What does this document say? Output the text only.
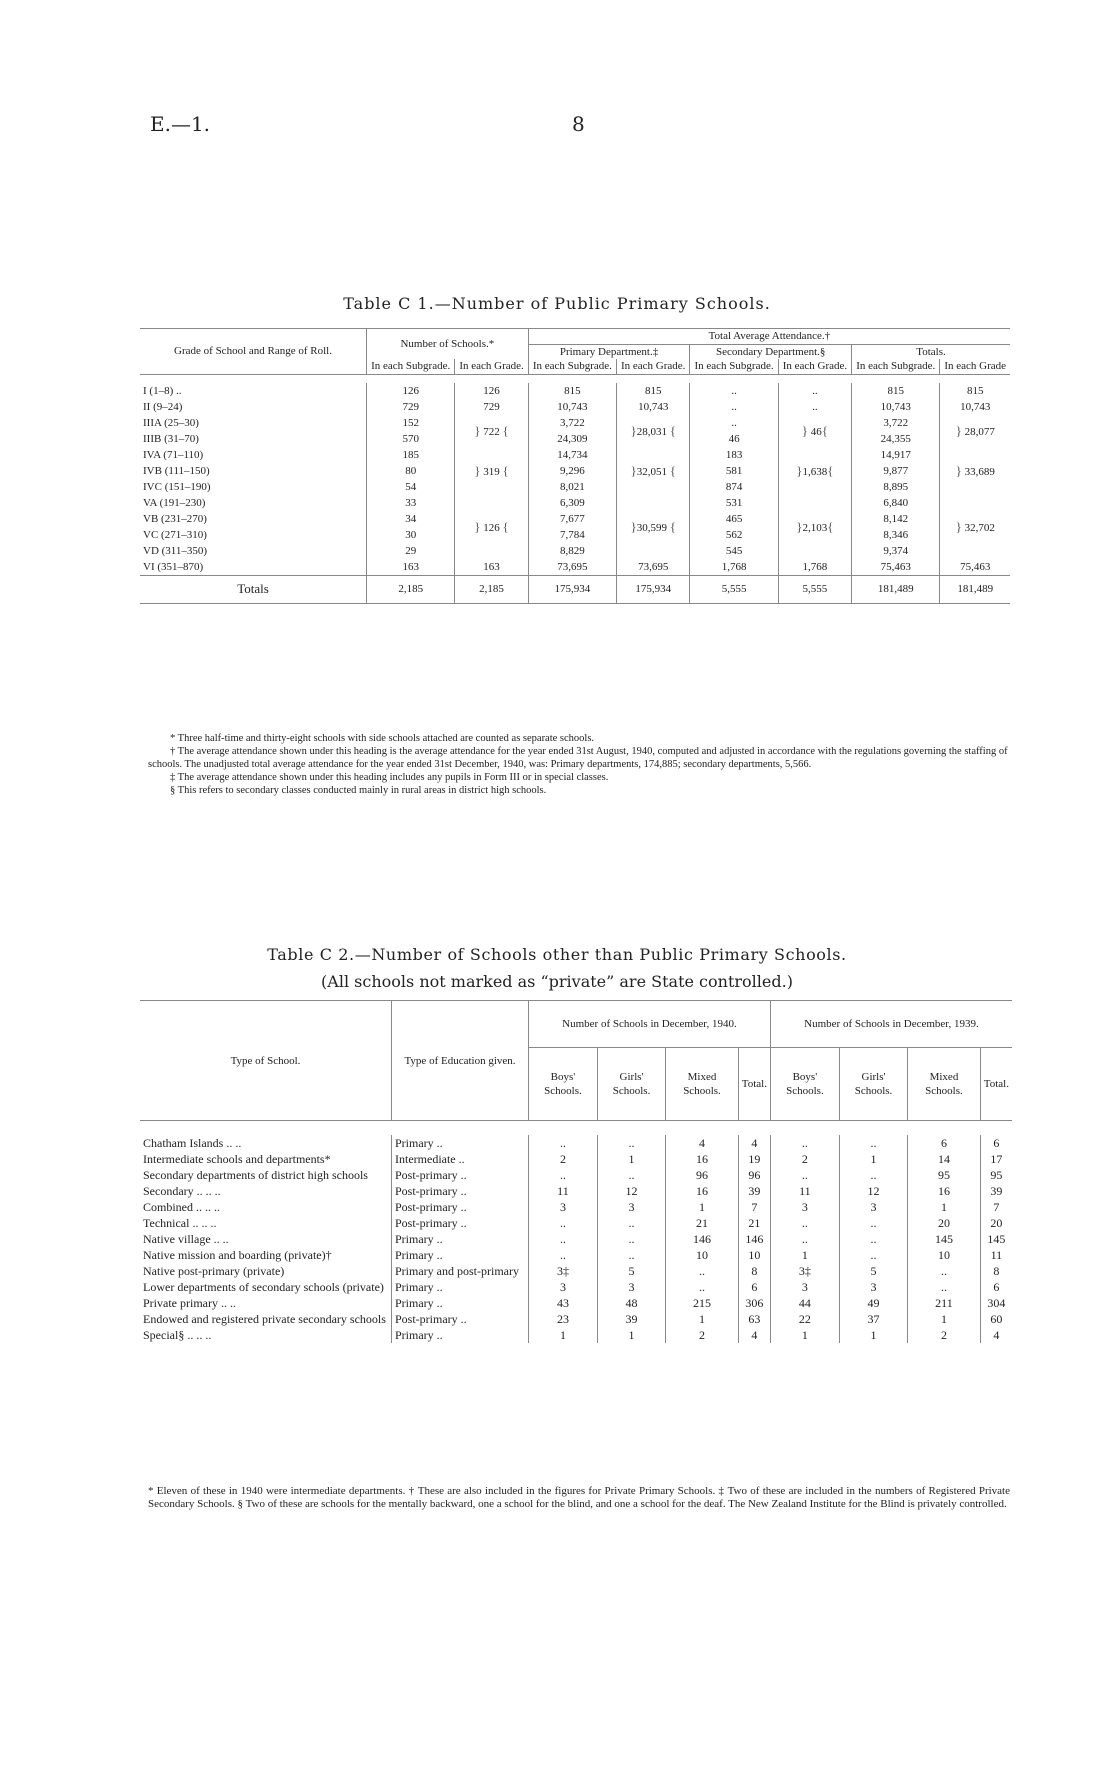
E.—1.	8
Table C 1.—Number of Public Primary Schools.
Grade of School and Range of Roll.	Number of Schools.*		Total Average Attendance.†					
			Primary Department.‡		Secondary Department.§		Totals.	
	In each Subgrade.	In each Grade.	In each Subgrade.	In each Grade.	In each Subgrade.	In each Grade.	In each Subgrade.	In each Grade

I (1–8) ..	126	126	815	815	..	..	815	815
II (9–24)	729	729	10,743	10,743	..	..	10,743	10,743
IIIA (25–30)	152	} 722 {	3,722	}28,031 {	..	} 46{	3,722	} 28,077
IIIB (31–70)	570		24,309		46		24,355	
IVA (71–110)	185	} 319 {	14,734	}32,051 {	183	}1,638{	14,917	} 33,689
IVB (111–150)	80		9,296		581		9,877	
IVC (151–190)	54		8,021		874		8,895	
VA (191–230)	33	} 126 {	6,309	}30,599 {	531	}2,103{	6,840	} 32,702
VB (231–270)	34		7,677		465		8,142	
VC (271–310)	30		7,784		562		8,346	
VD (311–350)	29		8,829		545		9,374	
VI (351–870)	163	163	73,695	73,695	1,768	1,768	75,463	75,463
Totals	2,185	2,185	175,934	175,934	5,555	5,555	181,489	181,489

* Three half-time and thirty-eight schools with side schools attached are counted as separate schools.

† The average attendance shown under this heading is the average attendance for the year ended 31st August, 1940, computed and adjusted in accordance with the regulations governing the staffing of schools. The unadjusted total average attendance for the year ended 31st December, 1940, was: Primary departments, 174,885; secondary departments, 5,566.

‡ The average attendance shown under this heading includes any pupils in Form III or in special classes.

§ This refers to secondary classes conducted mainly in rural areas in district high schools.

Table C 2.—Number of Schools other than Public Primary Schools.
(All schools not marked as “private” are State controlled.)
Type of School.	Type of Education given.	Number of Schools in December, 1940.				Number of Schools in December, 1939.			
		Boys' Schools.	Girls' Schools.	Mixed Schools.	Total.	Boys' Schools.	Girls' Schools.	Mixed Schools.	Total.

Chatham Islands .. ..	Primary ..	..	..	4	4	..	..	6	6
Intermediate schools and departments*	Intermediate ..	2	1	16	19	2	1	14	17
Secondary departments of district high schools	Post-primary ..	..	..	96	96	..	..	95	95
Secondary .. .. ..	Post-primary ..	11	12	16	39	11	12	16	39
Combined .. .. ..	Post-primary ..	3	3	1	7	3	3	1	7
Technical .. .. ..	Post-primary ..	..	..	21	21	..	..	20	20
Native village .. ..	Primary ..	..	..	146	146	..	..	145	145
Native mission and boarding (private)†	Primary ..	..	..	10	10	1	..	10	11
Native post-primary (private)	Primary and post-primary	3‡	5	..	8	3‡	5	..	8
Lower departments of secondary schools (private)	Primary ..	3	3	..	6	3	3	..	6
Private primary .. ..	Primary ..	43	48	215	306	44	49	211	304
Endowed and registered private secondary schools	Post-primary ..	23	39	1	63	22	37	1	60
Special§ .. .. ..	Primary ..	1	1	2	4	1	1	2	4
* Eleven of these in 1940 were intermediate departments. † These are also included in the figures for Private Primary Schools. ‡ Two of these are included in the numbers of Registered Private Secondary Schools. § Two of these are schools for the mentally backward, one a school for the blind, and one a school for the deaf. The New Zealand Institute for the Blind is privately controlled.
